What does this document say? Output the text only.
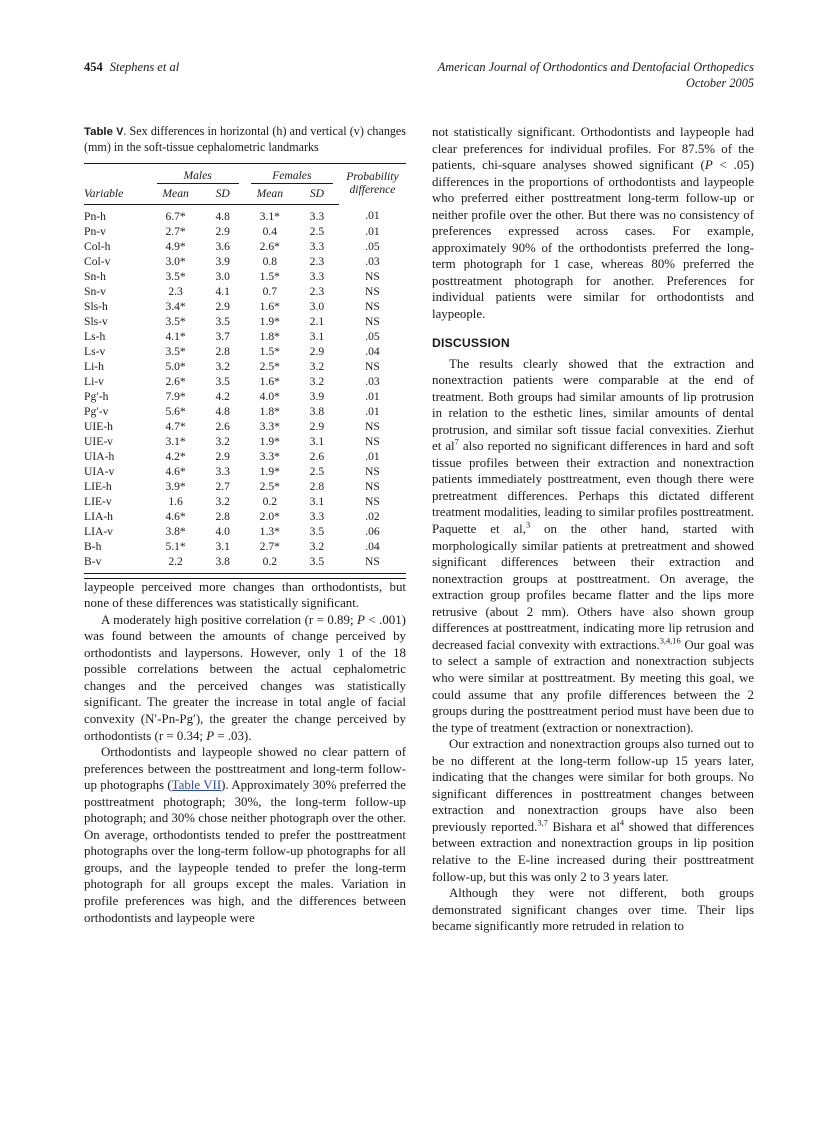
454 Stephens et al	American Journal of Orthodontics and Dentofacial Orthopedics
October 2005
Table V. Sex differences in horizontal (h) and vertical (v) changes (mm) in the soft-tissue cephalometric landmarks
	Males		Females		Probability
difference

Variable	Mean	SD	Mean	SD	
Pn-h	6.7*	4.8	3.1*	3.3	.01
Pn-v	2.7*	2.9	0.4	2.5	.01
Col-h	4.9*	3.6	2.6*	3.3	.05
Col-v	3.0*	3.9	0.8	2.3	.03
Sn-h	3.5*	3.0	1.5*	3.3	NS
Sn-v	2.3	4.1	0.7	2.3	NS
Sls-h	3.4*	2.9	1.6*	3.0	NS
Sls-v	3.5*	3.5	1.9*	2.1	NS
Ls-h	4.1*	3.7	1.8*	3.1	.05
Ls-v	3.5*	2.8	1.5*	2.9	.04
Li-h	5.0*	3.2	2.5*	3.2	NS
Li-v	2.6*	3.5	1.6*	3.2	.03
Pg′-h	7.9*	4.2	4.0*	3.9	.01
Pg′-v	5.6*	4.8	1.8*	3.8	.01
UIE-h	4.7*	2.6	3.3*	2.9	NS
UIE-v	3.1*	3.2	1.9*	3.1	NS
UIA-h	4.2*	2.9	3.3*	2.6	.01
UIA-v	4.6*	3.3	1.9*	2.5	NS
LIE-h	3.9*	2.7	2.5*	2.8	NS
LIE-v	1.6	3.2	0.2	3.1	NS
LIA-h	4.6*	2.8	2.0*	3.3	.02
LIA-v	3.8*	4.0	1.3*	3.5	.06
B-h	5.1*	3.1	2.7*	3.2	.04
B-v	2.2	3.8	0.2	3.5	NS

laypeople perceived more changes than orthodontists, but none of these differences was statistically significant.

A moderately high positive correlation (r = 0.89; P < .001) was found between the amounts of change perceived by orthodontists and laypersons. However, only 1 of the 18 possible correlations between the actual cephalometric changes and the perceived changes was statistically significant. The greater the increase in total angle of facial convexity (N′-Pn-Pg′), the greater the change perceived by orthodontists (r = 0.34; P = .03).

Orthodontists and laypeople showed no clear pattern of preferences between the posttreatment and long-term follow-up photographs (Table VII). Approximately 30% preferred the posttreatment photograph; 30%, the long-term follow-up photograph; and 30% chose neither photograph over the other. On average, orthodontists tended to prefer the posttreatment photographs over the long-term follow-up photographs for all groups, and the laypeople tended to prefer the long-term photograph for all groups except the males. Variation in profile preferences was high, and the differences between orthodontists and laypeople were

not statistically significant. Orthodontists and laypeople had clear preferences for individual profiles. For 87.5% of the patients, chi-square analyses showed significant (P < .05) differences in the proportions of orthodontists and laypeople who preferred either posttreatment long-term follow-up or neither profile over the other. But there was no consistency of preferences expressed across cases. For example, approximately 90% of the orthodontists preferred the long-term photograph for 1 case, whereas 80% preferred the posttreatment photograph for another. Preferences for individual patients were similar for orthodontists and laypeople.

DISCUSSION

The results clearly showed that the extraction and nonextraction patients were comparable at the end of treatment. Both groups had similar amounts of lip protrusion in relation to the esthetic lines, similar amounts of dental protrusion, and similar soft tissue facial convexities. Zierhut et $al^7$ also reported no significant differences in hard and soft tissue profiles between their extraction and nonextraction patients immediately posttreatment, even though there were pretreatment differences. Perhaps this dictated different treatment modalities, leading to similar profiles posttreatment. Paquette et al,$^3$ on the other hand, started with morphologically similar patients at pretreatment and showed significant differences between their extraction and nonextraction groups at posttreatment. On average, the extraction group profiles became flatter and the lips more retrusive (about 2 mm). Others have also shown group differences at posttreatment, indicating more lip retrusion and decreased facial convexity with extractions.$^{3,4,16}$ Our goal was to select a sample of extraction and nonextraction subjects who were similar at posttreatment. By meeting this goal, we could assume that any profile differences between the 2 groups during the posttreatment period must have been due to the type of treatment (extraction or nonextraction).

Our extraction and nonextraction groups also turned out to be no different at the long-term follow-up 15 years later, indicating that the changes were similar for both groups. No significant differences in posttreatment changes between extraction and nonextraction groups have also been previously reported.$^{3,7}$ Bishara et $al^4$ showed that differences between extraction and nonextraction groups in lip position relative to the E-line increased during their posttreatment follow-up, but this was only 2 to 3 years later.

Although they were not different, both groups demonstrated significant changes over time. Their lips became significantly more retruded in relation to
